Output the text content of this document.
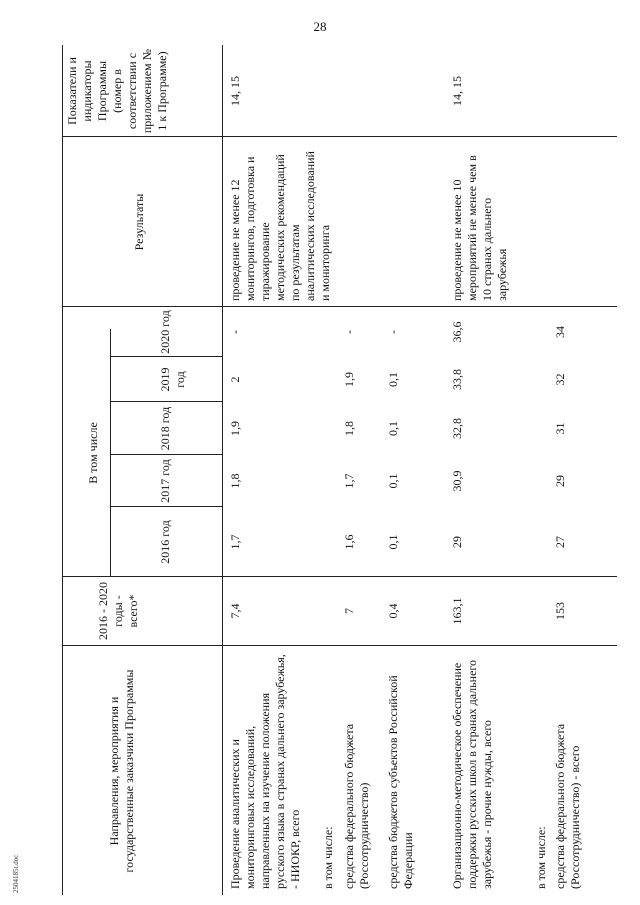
28
2504185t.doc
Направления, мероприятия и государственные заказчики Программы
2016 - 2020 годы - всего*
В том числе
2016 год
2017 год
2018 год
2019 год
2020 год
Результаты
Показатели и индикаторы Программы (номер в соответствии с приложением № 1 к Программе)
Проведение аналитических и мониторинговых исследований, направленных на изучение положения русского языка в странах дальнего зарубежья, - НИОКР, всего
7,4
1,7
1,8
1,9
2
-
проведение не менее 12 мониторингов, подготовка и тиражирование методических рекомендаций по результатам аналитических исследований и мониторинга
14, 15
в том числе: средства федерального бюджета (Россотрудничество)
7
1,6
1,7
1,8
1,9
-
средства бюджетов субъектов Российской Федерации
0,4
0,1
0,1
0,1
0,1
-
Организационно-методическое обеспечение поддержки русских школ в странах дальнего зарубежья - прочие нужды, всего
163,1
29
30,9
32,8
33,8
36,6
проведение не менее 10 мероприятий не менее чем в 10 странах дальнего зарубежья
14, 15
в том числе: средства федерального бюджета (Россотрудничество) - всего
153
27
29
31
32
34
